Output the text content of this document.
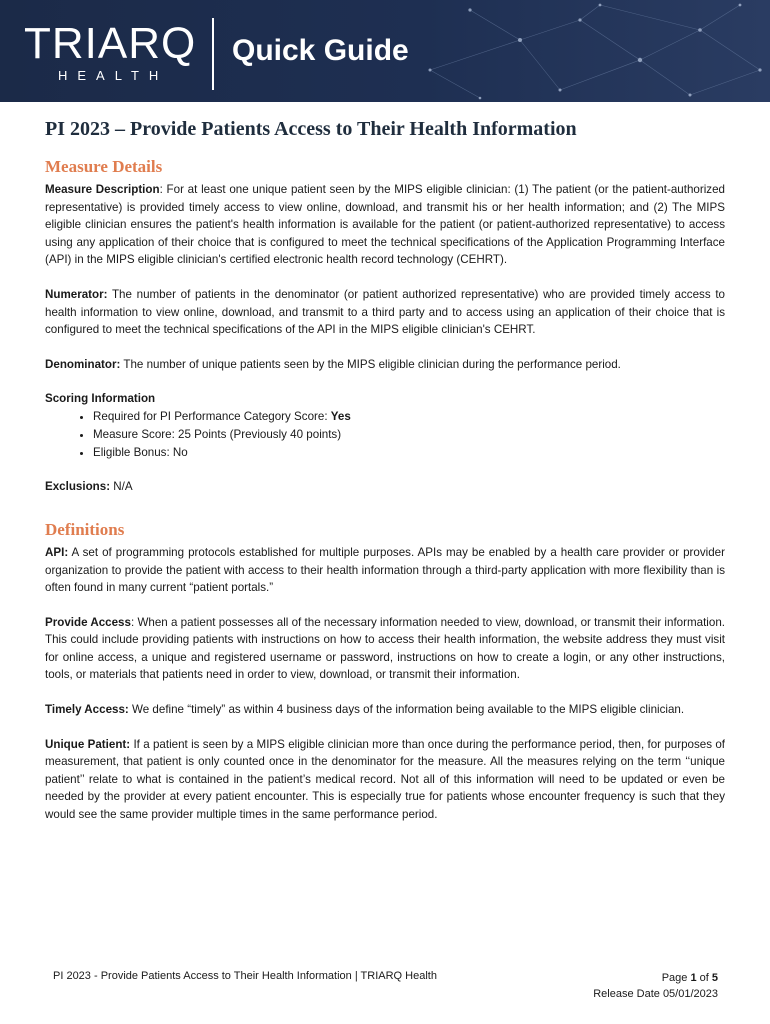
TRIARQ
HEALTH
Quick Guide
PI 2023 – Provide Patients Access to Their Health Information
Measure Details

Measure Description: For at least one unique patient seen by the MIPS eligible clinician: (1) The patient (or the patient-authorized representative) is provided timely access to view online, download, and transmit his or her health information; and (2) The MIPS eligible clinician ensures the patient's health information is available for the patient (or patient-authorized representative) to access using any application of their choice that is configured to meet the technical specifications of the Application Programming Interface (API) in the MIPS eligible clinician's certified electronic health record technology (CEHRT).

Numerator: The number of patients in the denominator (or patient authorized representative) who are provided timely access to health information to view online, download, and transmit to a third party and to access using an application of their choice that is configured to meet the technical specifications of the API in the MIPS eligible clinician's CEHRT.

Denominator: The number of unique patients seen by the MIPS eligible clinician during the performance period.

Scoring Information
• Required for PI Performance Category Score: Yes
• Measure Score: 25 Points (Previously 40 points)
• Eligible Bonus: No

Exclusions: N/A

Definitions

API: A set of programming protocols established for multiple purposes. APIs may be enabled by a health care provider or provider organization to provide the patient with access to their health information through a third-party application with more flexibility than is often found in many current “patient portals.”

Provide Access: When a patient possesses all of the necessary information needed to view, download, or transmit their information. This could include providing patients with instructions on how to access their health information, the website address they must visit for online access, a unique and registered username or password, instructions on how to create a login, or any other instructions, tools, or materials that patients need in order to view, download, or transmit their information.

Timely Access: We define “timely” as within 4 business days of the information being available to the MIPS eligible clinician.

Unique Patient: If a patient is seen by a MIPS eligible clinician more than once during the performance period, then, for purposes of measurement, that patient is only counted once in the denominator for the measure. All the measures relying on the term ‘‘unique patient’’ relate to what is contained in the patient’s medical record. Not all of this information will need to be updated or even be needed by the provider at every patient encounter. This is especially true for patients whose encounter frequency is such that they would see the same provider multiple times in the same performance period.

PI 2023 - Provide Patients Access to Their Health Information | TRIARQ Health	Page 1 of 5
Release Date 05/01/2023
